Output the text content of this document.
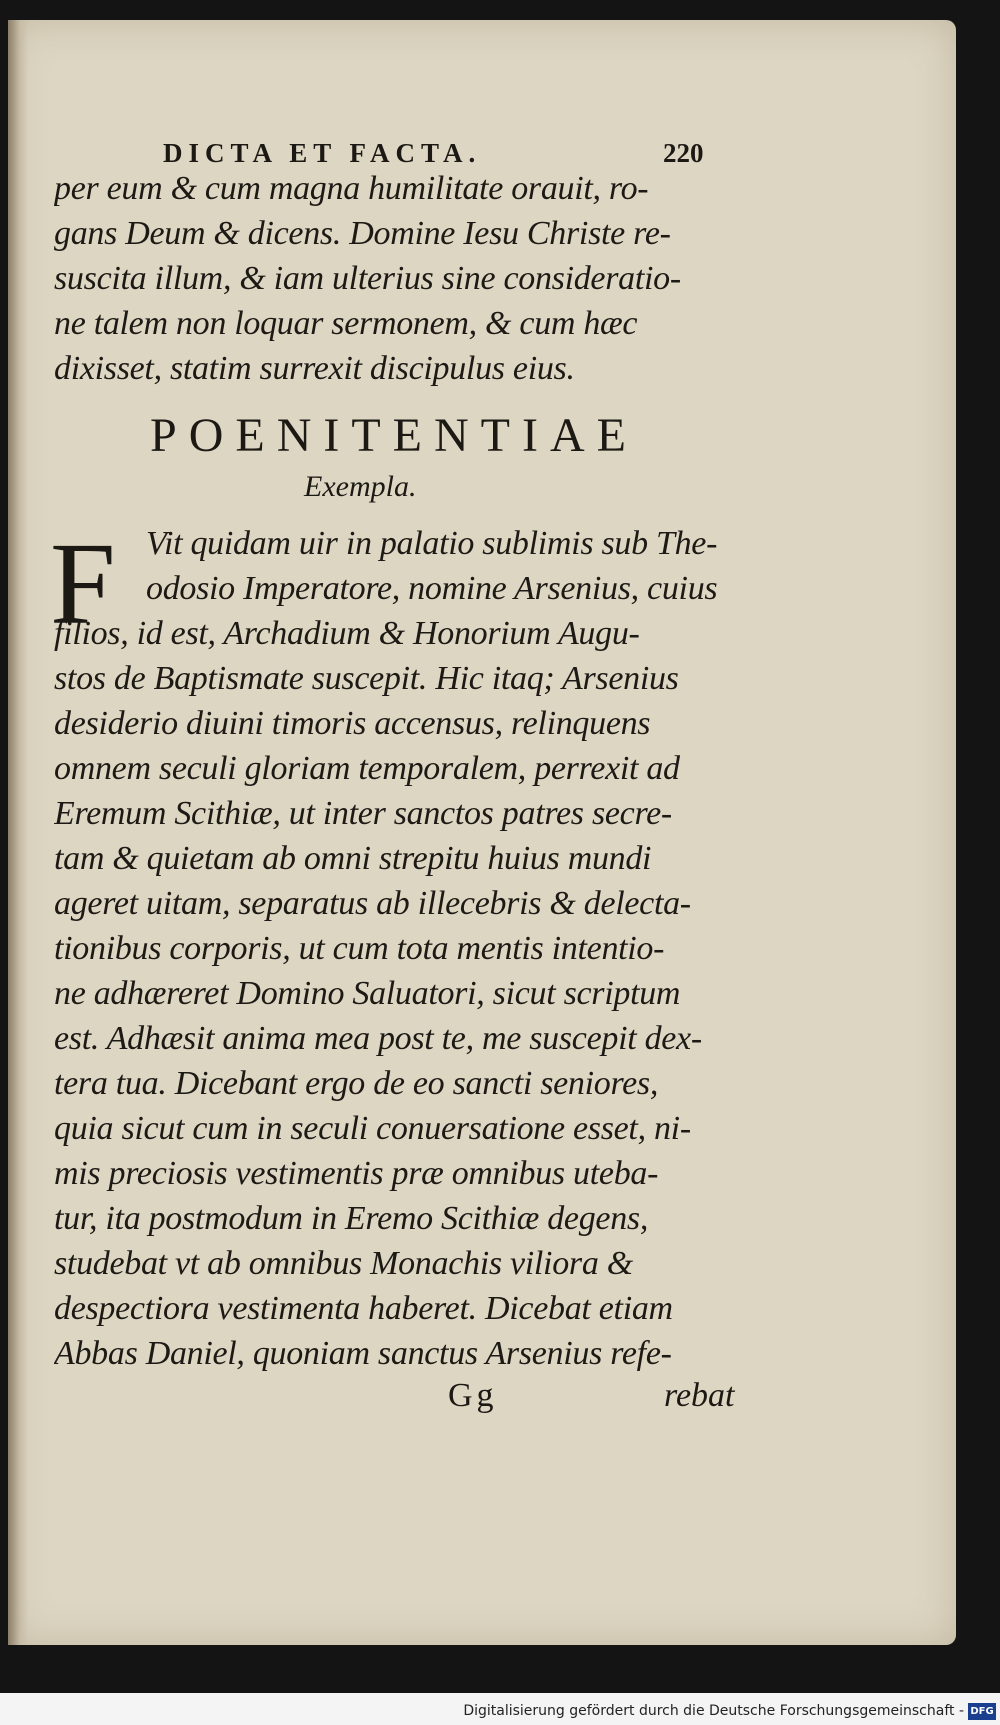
DICTA ET FACTA.	220
per eum & cum magna humilitate orauit, ro-
gans Deum & dicens. Domine Iesu Christe re-
suscita illum, & iam ulterius sine consideratio-
ne talem non loquar sermonem, & cum hæc
dixisset, statim surrexit discipulus eius.
POENITENTIAE
Exempla.
F Vit quidam uir in palatio sublimis sub The-
odosio Imperatore, nomine Arsenius, cuius
filios, id est, Archadium & Honorium Augu-
stos de Baptismate suscepit. Hic itaq; Arsenius
desiderio diuini timoris accensus, relinquens
omnem seculi gloriam temporalem, perrexit ad
Eremum Scithiæ, ut inter sanctos patres secre-
tam & quietam ab omni strepitu huius mundi
ageret uitam, separatus ab illecebris & delecta-
tionibus corporis, ut cum tota mentis intentio-
ne adhæreret Domino Saluatori, sicut scriptum
est. Adhæsit anima mea post te, me suscepit dex-
tera tua. Dicebant ergo de eo sancti seniores,
quia sicut cum in seculi conuersatione esset, ni-
mis preciosis vestimentis præ omnibus uteba-
tur, ita postmodum in Eremo Scithiæ degens,
studebat vt ab omnibus Monachis viliora &
despectiora vestimenta haberet. Dicebat etiam
Abbas Daniel, quoniam sanctus Arsenius refe-
Gg	rebat
Digitalisierung gefördert durch die Deutsche Forschungsgemeinschaft - DFG
